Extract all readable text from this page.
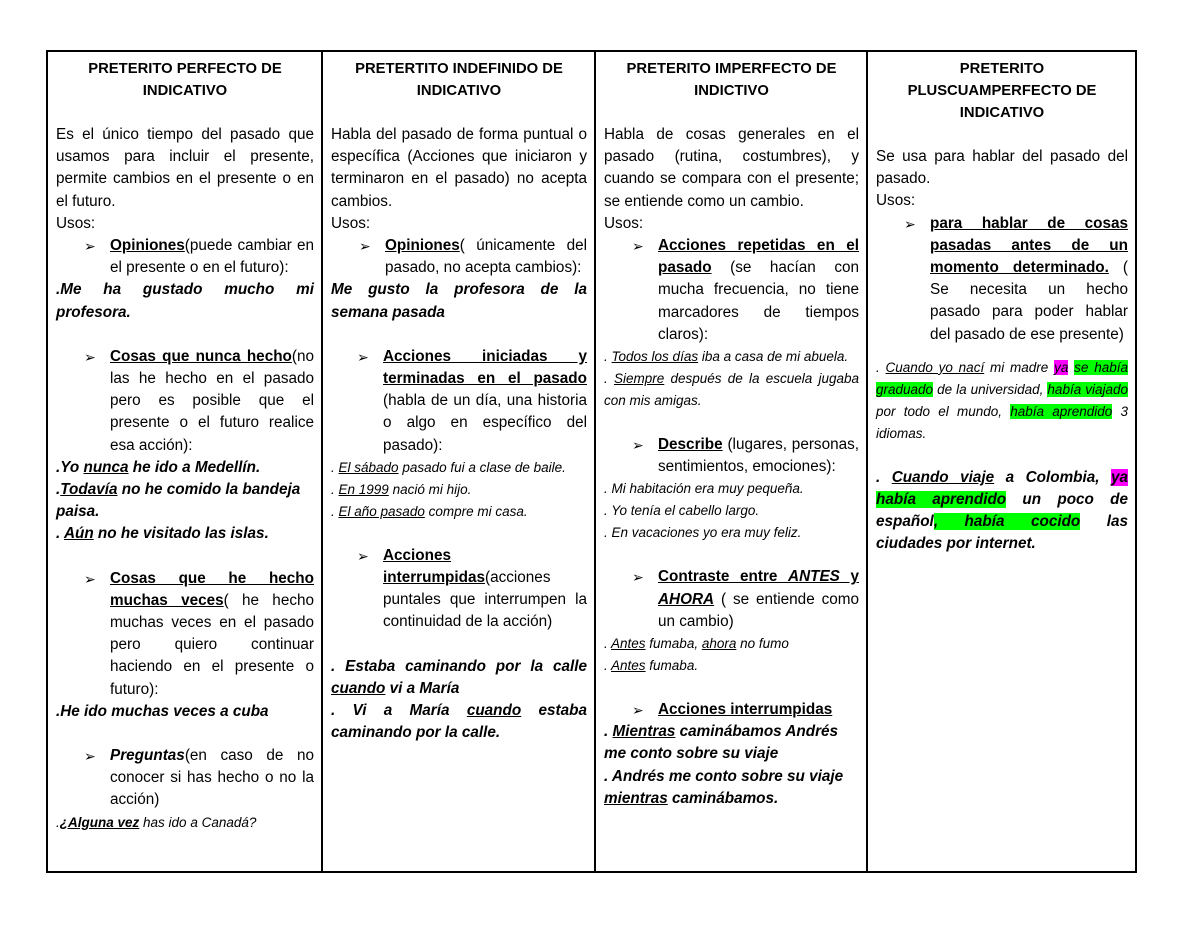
PRETERITO PERFECTO DE INDICATIVO

Es el único tiempo del pasado que usamos para incluir el presente, permite cambios en el presente o en el futuro.

Usos:

➢ Opiniones(puede cambiar en el presente o en el futuro):

.Me ha gustado mucho mi profesora.

➢ Cosas que nunca hecho(no las he hecho en el pasado pero es posible que el presente o el futuro realice esa acción):

.Yo nunca he ido a Medellín.

.Todavía no he comido la bandeja paisa.

. Aún no he visitado las islas.

➢ Cosas que he hecho muchas veces( he hecho muchas veces en el pasado pero quiero continuar haciendo en el presente o futuro):

.He ido muchas veces a cuba

➢ Preguntas(en caso de no conocer si has hecho o no la acción)

.¿Alguna vez has ido a Canadá?

PRETERTITO INDEFINIDO DE INDICATIVO

Habla del pasado de forma puntual o específica (Acciones que iniciaron y terminaron en el pasado) no acepta cambios.

Usos:

➢ Opiniones( únicamente del pasado, no acepta cambios):

Me gusto la profesora de la semana pasada

➢ Acciones iniciadas y terminadas en el pasado (habla de un día, una historia o algo en específico del pasado):

. El sábado pasado fui a clase de baile.

. En 1999 nació mi hijo.

. El año pasado compre mi casa.

➢ Acciones interrumpidas(acciones puntales que interrumpen la continuidad de la acción)

. Estaba caminando por la calle cuando vi a María

. Vi a María cuando estaba caminando por la calle.

PRETERITO IMPERFECTO DE INDICTIVO

Habla de cosas generales en el pasado (rutina, costumbres), y cuando se compara con el presente; se entiende como un cambio.

Usos:

➢ Acciones repetidas en el pasado (se hacían con mucha frecuencia, no tiene marcadores de tiempos claros):

. Todos los días iba a casa de mi abuela.

. Siempre después de la escuela jugaba con mis amigas.

➢ Describe (lugares, personas, sentimientos, emociones):

. Mi habitación era muy pequeña.

. Yo tenía el cabello largo.

. En vacaciones yo era muy feliz.

➢ Contraste entre ANTES y AHORA ( se entiende como un cambio)

. Antes fumaba, ahora no fumo

. Antes fumaba.

➢ Acciones interrumpidas

. Mientras caminábamos Andrés me conto sobre su viaje

. Andrés me conto sobre su viaje mientras caminábamos.

PRETERITO PLUSCUAMPERFECTO DE INDICATIVO

Se usa para hablar del pasado del pasado.

Usos:

➢ para hablar de cosas pasadas antes de un momento determinado. ( Se necesita un hecho pasado para poder hablar del pasado de ese presente)

. Cuando yo nací mi madre ya se había graduado de la universidad, había viajado por todo el mundo, había aprendido 3 idiomas.

. Cuando viaje a Colombia, ya había aprendido un poco de español, había cocido las ciudades por internet.
